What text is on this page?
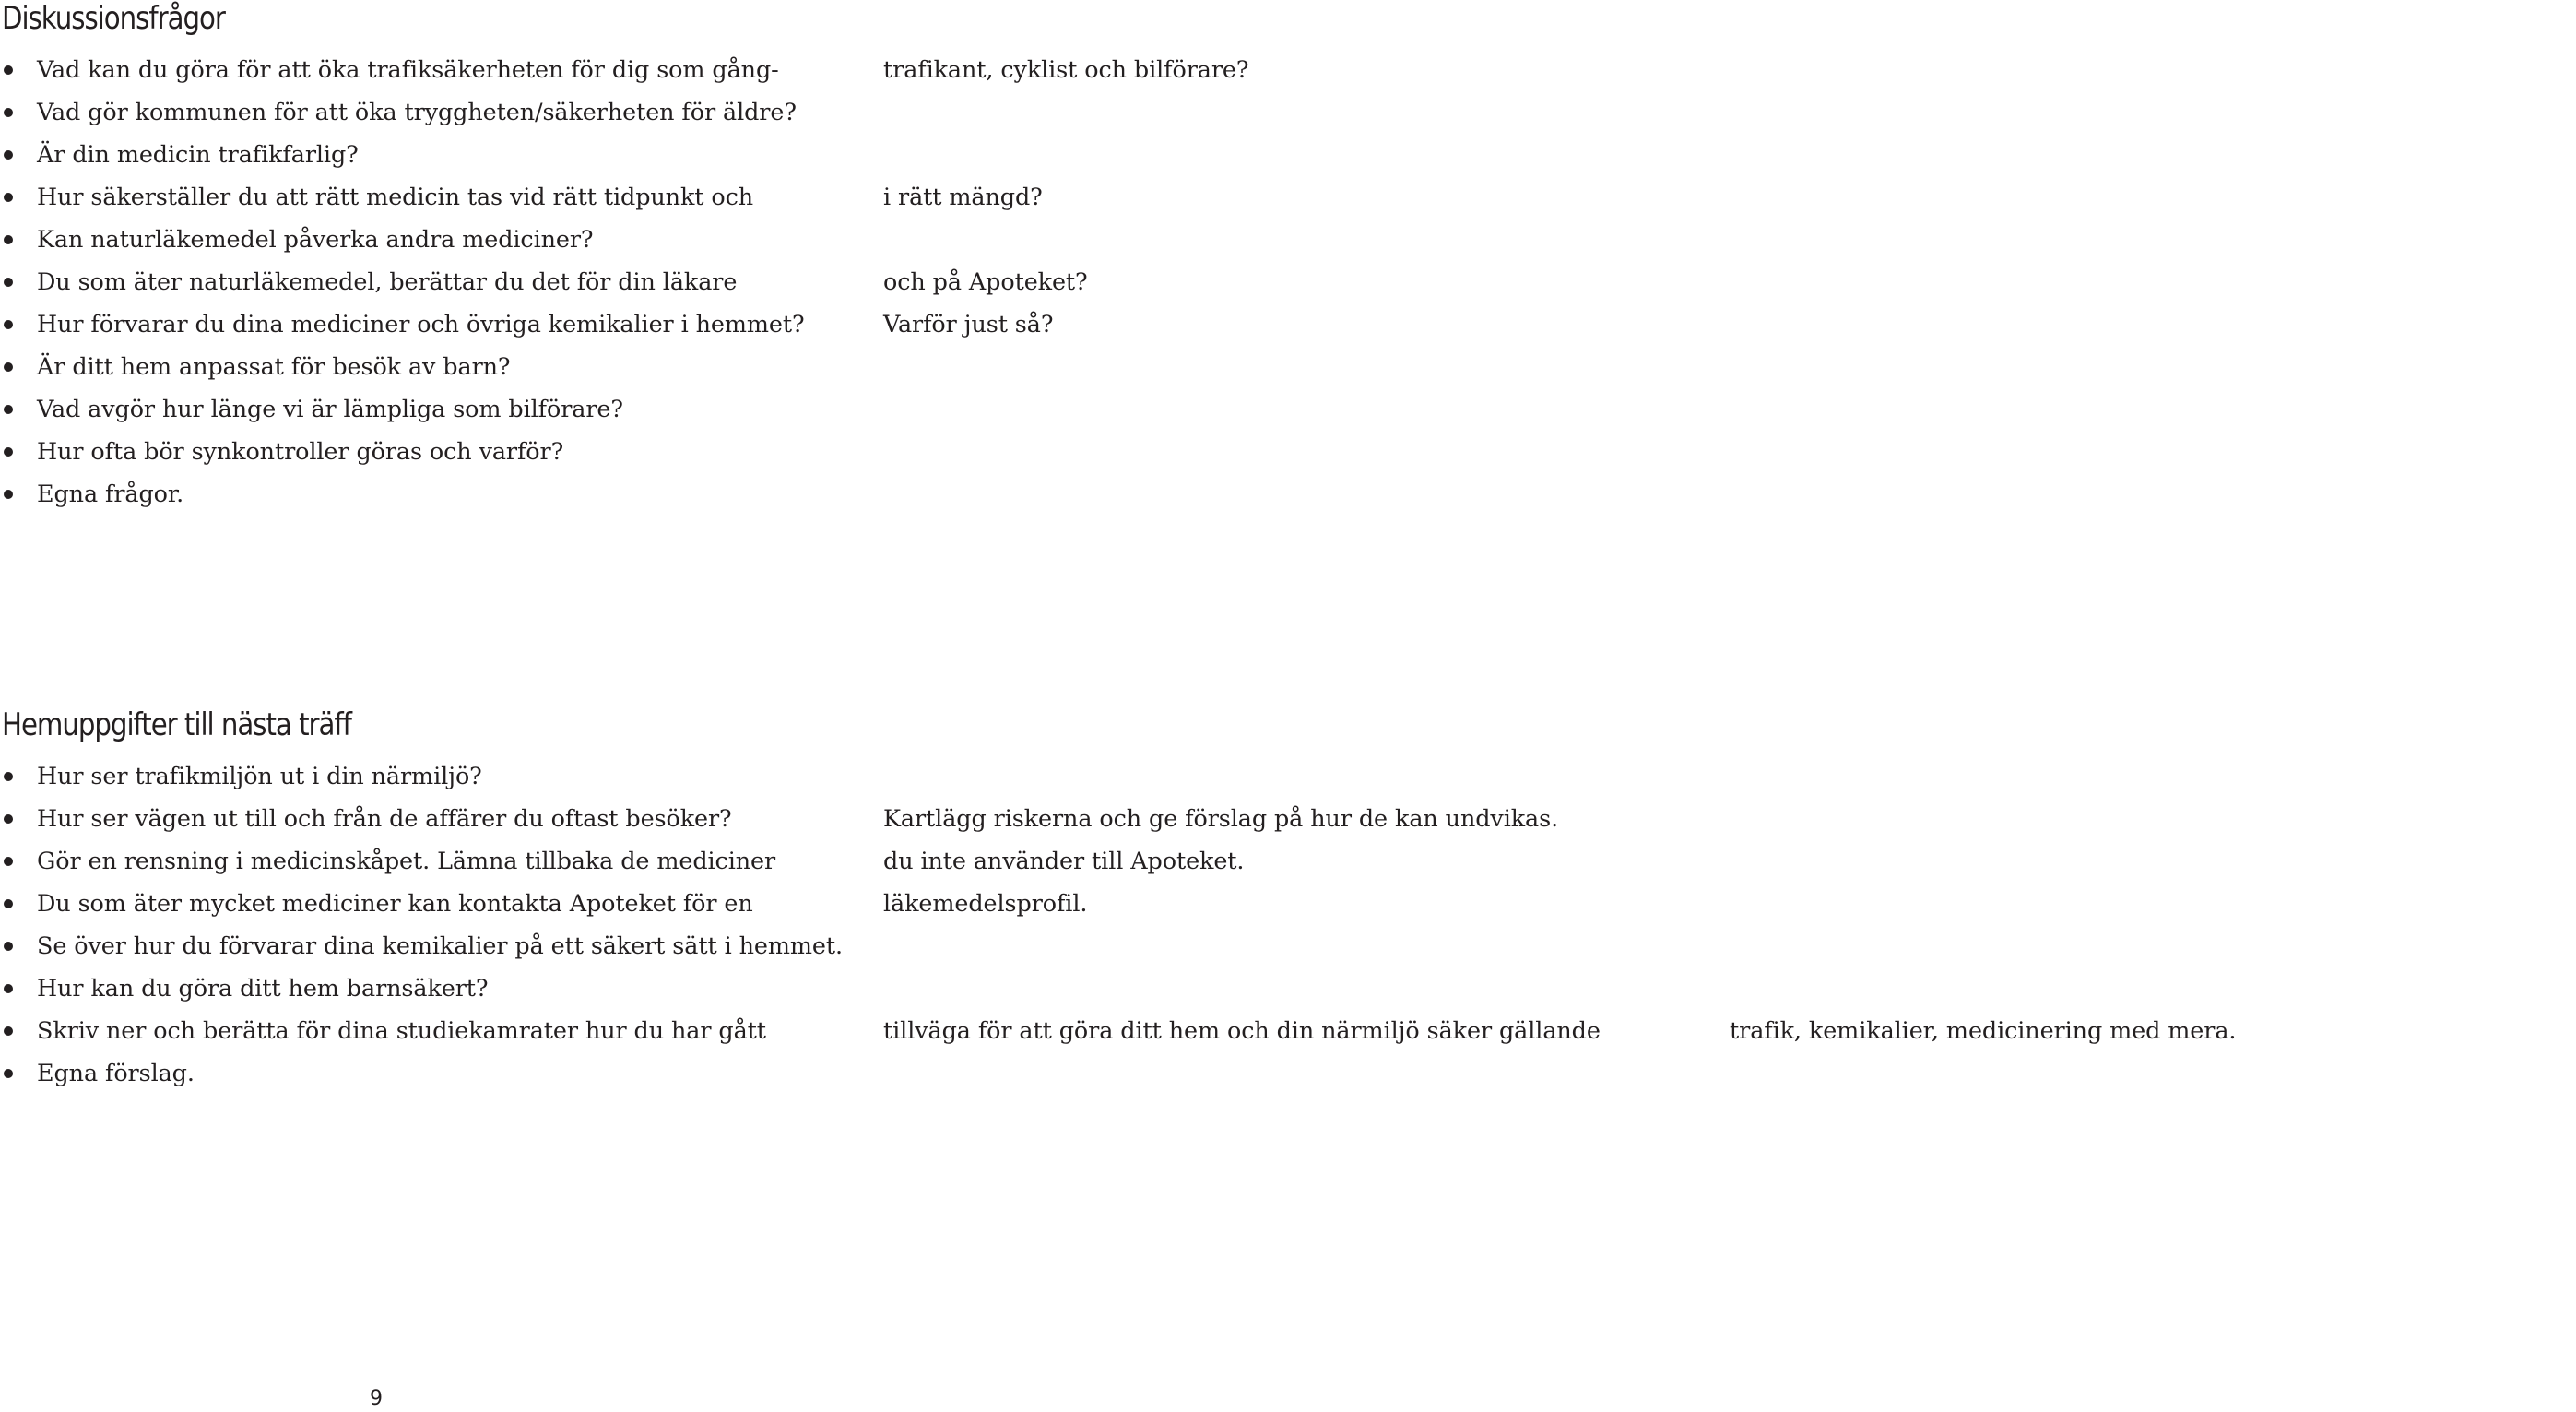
Diskussionsfrågor
Vad kan du göra för att öka trafiksäkerheten för dig som gång-	trafikant, cyklist och bilförare?
Vad gör kommunen för att öka tryggheten/säkerheten för äldre?
Är din medicin trafikfarlig?
Hur säkerställer du att rätt medicin tas vid rätt tidpunkt och	i rätt mängd?
Kan naturläkemedel påverka andra mediciner?
Du som äter naturläkemedel, berättar du det för din läkare	och på Apoteket?
Hur förvarar du dina mediciner och övriga kemikalier i hemmet?	Varför just så?
Är ditt hem anpassat för besök av barn?
Vad avgör hur länge vi är lämpliga som bilförare?
Hur ofta bör synkontroller göras och varför?
Egna frågor.
Hemuppgifter till nästa träff
Hur ser trafikmiljön ut i din närmiljö?
Hur ser vägen ut till och från de affärer du oftast besöker?	Kartlägg riskerna och ge förslag på hur de kan undvikas.
Gör en rensning i medicinskåpet. Lämna tillbaka de mediciner	du inte använder till Apoteket.
Du som äter mycket mediciner kan kontakta Apoteket för en	läkemedelsprofil.
Se över hur du förvarar dina kemikalier på ett säkert sätt i hemmet.
Hur kan du göra ditt hem barnsäkert?
Skriv ner och berätta för dina studiekamrater hur du har gått	tillväga för att göra ditt hem och din närmiljö säker gällande	trafik, kemikalier, medicinering med mera.
Egna förslag.
9
